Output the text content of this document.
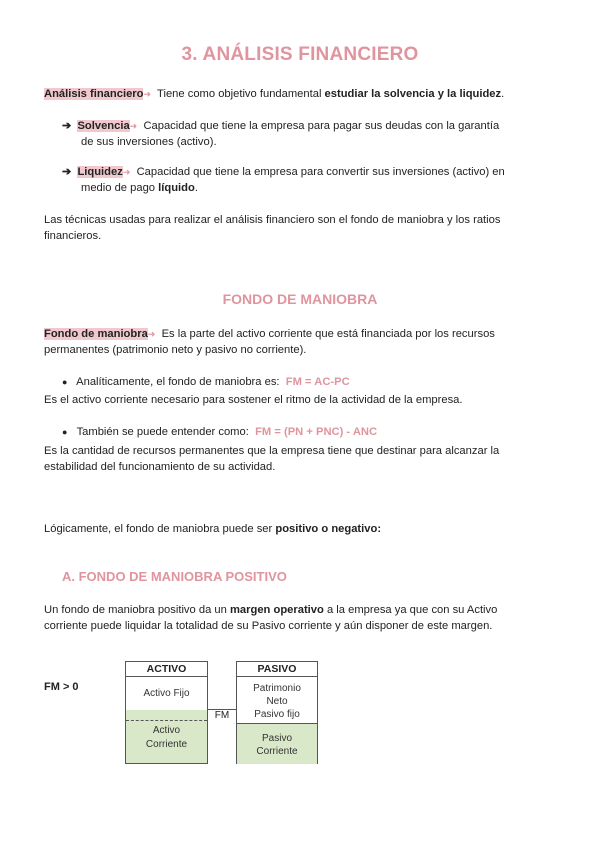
3. ANÁLISIS FINANCIERO
Análisis financiero➜ Tiene como objetivo fundamental estudiar la solvencia y la liquidez.
➔ Solvencia➜ Capacidad que tiene la empresa para pagar sus deudas con la garantía
de sus inversiones (activo).
➔ Liquidez➜ Capacidad que tiene la empresa para convertir sus inversiones (activo) en
medio de pago líquido.
Las técnicas usadas para realizar el análisis financiero son el fondo de maniobra y los ratios
financieros.
FONDO DE MANIOBRA
Fondo de maniobra➜ Es la parte del activo corriente que está financiada por los recursos
permanentes (patrimonio neto y pasivo no corriente).
● Analíticamente, el fondo de maniobra es: FM = AC-PC
Es el activo corriente necesario para sostener el ritmo de la actividad de la empresa.
● También se puede entender como: FM = (PN + PNC) - ANC
Es la cantidad de recursos permanentes que la empresa tiene que destinar para alcanzar la
estabilidad del funcionamiento de su actividad.
Lógicamente, el fondo de maniobra puede ser positivo o negativo:
A. FONDO DE MANIOBRA POSITIVO
Un fondo de maniobra positivo da un margen operativo a la empresa ya que con su Activo
corriente puede liquidar la totalidad de su Pasivo corriente y aún disponer de este margen.
FM > 0
ACTIVO
Activo Fijo
Activo
Corriente
FM
PASIVO
Patrimonio
Neto
Pasivo fijo
Pasivo
Corriente
